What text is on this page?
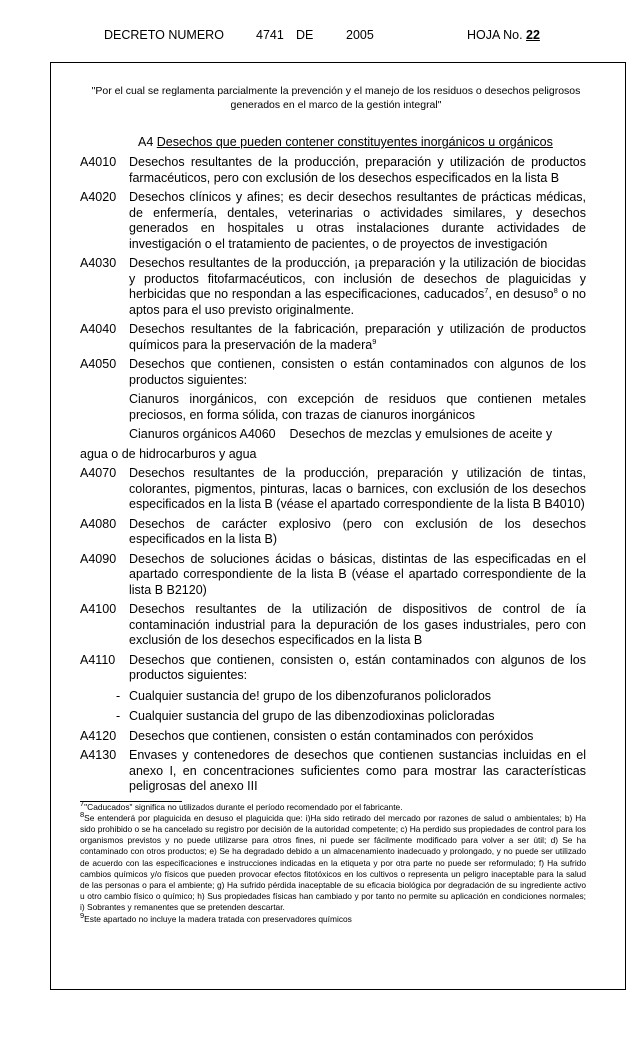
DECRETO NUMERO	4741 DE	2005	HOJA No. 22
"Por el cual se reglamenta parcialmente la prevención y el manejo de los residuos o desechos peligrosos generados en el marco de la gestión integral"
A4 Desechos que pueden contener constituyentes inorgánicos u orgánicos
A4010	Desechos resultantes de la producción, preparación y utilización de productos farmacéuticos, pero con exclusión de los desechos especificados en la lista B
A4020	Desechos clínicos y afines; es decir desechos resultantes de prácticas médicas, de enfermería, dentales, veterinarias o actividades similares, y desechos generados en hospitales u otras instalaciones durante actividades de investigación o el tratamiento de pacientes, o de proyectos de investigación
A4030	Desechos resultantes de la producción, ¡a preparación y la utilización de biocidas y productos fitofarmacéuticos, con inclusión de desechos de plaguicidas y herbicidas que no respondan a las especificaciones, caducados$^7$, en desuso$^8$ o no aptos para el uso previsto originalmente.
A4040	Desechos resultantes de la fabricación, preparación y utilización de productos químicos para la preservación de la madera$^9$
A4050	Desechos que contienen, consisten o están contaminados con algunos de los productos siguientes:
Cianuros inorgánicos, con excepción de residuos que contienen metales preciosos, en forma sólida, con trazas de cianuros inorgánicos
Cianuros orgánicos A4060    Desechos de mezclas y emulsiones de aceite y
agua o de hidrocarburos y agua
A4070	Desechos resultantes de la producción, preparación y utilización de tintas, colorantes, pigmentos, pinturas, lacas o barnices, con exclusión de los desechos especificados en la lista B (véase el apartado correspondiente de la lista B B4010)
A4080	Desechos de carácter explosivo (pero con exclusión de los desechos especificados en la lista B)
A4090	Desechos de soluciones ácidas o básicas, distintas de las especificadas en el apartado correspondiente de la lista B (véase el apartado correspondiente de la lista B B2120)
A4100	Desechos resultantes de la utilización de dispositivos de control de ía contaminación industrial para la depuración de los gases industriales, pero con exclusión de los desechos especificados en la lista B
A4110	Desechos que contienen, consisten o, están contaminados con algunos de los productos siguientes:
- Cualquier sustancia de! grupo de los dibenzofuranos policlorados
- Cualquier sustancia del grupo de las dibenzodioxinas policloradas
A4120	Desechos que contienen, consisten o están contaminados con peróxidos
A4130	Envases y contenedores de desechos que contienen sustancias incluidas en el anexo I, en concentraciones suficientes como para mostrar las características peligrosas del anexo III
$^7$"Caducados" significa no utilizados durante el período recomendado por el fabricante.
$^8$Se entenderá por plaguicida en desuso el plaguicida que: i)Ha sido retirado del mercado por razones de salud o ambientales; b) Ha sido prohibido o se ha cancelado su registro por decisión de la autoridad competente; c) Ha perdido sus propiedades de control para los organismos previstos y no puede utilizarse para otros fines, ni puede ser fácilmente modificado para volver a ser útil; d) Se ha contaminado con otros productos; e) Se ha degradado debido a un almacenamiento inadecuado y prolongado, y no puede ser utilizado de acuerdo con las especificaciones e instrucciones indicadas en la etiqueta y por otra parte no puede ser reformulado; f) Ha sufrido cambios químicos y/o físicos que pueden provocar efectos fitotóxicos en los cultivos o representa un peligro inaceptable para la salud de las personas o para el ambiente; g) Ha sufrido pérdida inaceptable de su eficacia biológica por degradación de su ingrediente activo u otro cambio físico o químico; h) Sus propiedades físicas han cambiado y por tanto no permite su aplicación en condiciones normales; i) Sobrantes y remanentes que se pretenden descartar.
$^9$Este apartado no incluye la madera tratada con preservadores químicos
